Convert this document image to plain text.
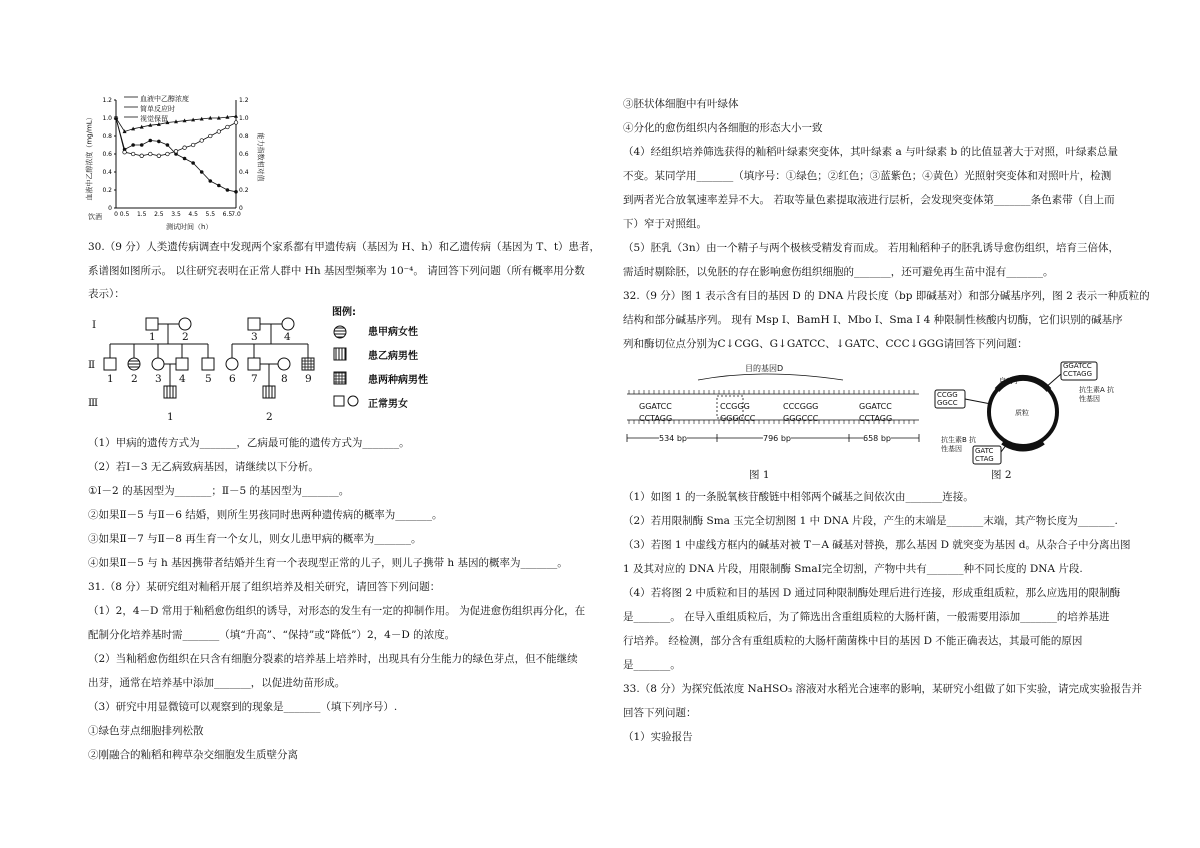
1.2	1.2
1.0	1.0
0.8	0.8
0.6	0.6
0.4	0.4
0.2	0.2
0	0
0 0.5 1.5 2.5 3.5 4.5 5.5 6.5 7.0
血液中乙醇浓度
简单反应时
视觉保留
测试时间（h）
饮酒
血液中乙醇浓度（mg/mL）	能力指数相对值
30.（9 分）人类遗传病调查中发现两个家系都有甲遗传病（基因为 H、h）和乙遗传病（基因为 T、t）患者，
系谱图如图所示。 以往研究表明在正常人群中 Hh 基因型频率为 10⁻⁴。 请回答下列问题（所有概率用分数
表示）：
Ⅰ
Ⅱ
Ⅲ
1	2	3	4
1 2 3 4 5 6 7 8 9
1	2
图例:
患甲病女性
患乙病男性
患两种病男性
正常男女
（1）甲病的遗传方式为_______，乙病最可能的遗传方式为_______。
（2）若Ⅰ－3 无乙病致病基因，请继续以下分析。
①Ⅰ－2 的基因型为_______；Ⅱ－5 的基因型为_______。
②如果Ⅱ－5 与Ⅱ－6 结婚，则所生男孩同时患两种遗传病的概率为_______。
③如果Ⅱ－7 与Ⅱ－8 再生育一个女儿，则女儿患甲病的概率为_______。
④如果Ⅱ－5 与 h 基因携带者结婚并生育一个表现型正常的儿子，则儿子携带 h 基因的概率为_______。
31.（8 分）某研究组对籼稻开展了组织培养及相关研究，请回答下列问题：
（1）2，4－D 常用于籼稻愈伤组织的诱导，对形态的发生有一定的抑制作用。 为促进愈伤组织再分化，在
配制分化培养基时需_______（填“升高”、“保持”或“降低”）2，4－D 的浓度。
（2）当籼稻愈伤组织在只含有细胞分裂素的培养基上培养时，出现具有分生能力的绿色芽点，但不能继续
出芽，通常在培养基中添加_______，以促进幼苗形成。
（3）研究中用显微镜可以观察到的现象是_______（填下列序号）.
①绿色芽点细胞排列松散
②刚融合的籼稻和稗草杂交细胞发生质壁分离
③胚状体细胞中有叶绿体
④分化的愈伤组织内各细胞的形态大小一致
（4）经组织培养筛选获得的籼稻叶绿素突变体，其叶绿素 a 与叶绿素 b 的比值显著大于对照，叶绿素总量
不变。某同学用_______（填序号：①绿色；②红色；③蓝紫色；④黄色）光照射突变体和对照叶片，检测
到两者光合放氧速率差异不大。 若取等量色素提取液进行层析，会发现突变体第_______条色素带（自上而
下）窄于对照组。
（5）胚乳（3n）由一个精子与两个极核受精发育而成。 若用籼稻种子的胚乳诱导愈伤组织，培育三倍体，
需适时剔除胚，以免胚的存在影响愈伤组织细胞的_______，还可避免再生苗中混有_______。
32.（9 分）图 1 表示含有目的基因 D 的 DNA 片段长度（bp 即碱基对）和部分碱基序列，图 2 表示一种质粒的
结构和部分碱基序列。 现有 Msp Ⅰ、BamH Ⅰ、Mbo Ⅰ、Sma Ⅰ 4 种限制性核酸内切酶，它们识别的碱基序
列和酶切位点分别为C↓CGG、G↓GATCC、↓GATC、CCC↓GGG请回答下列问题：
目的基因D
GGATCC	CCGGG	CCCGGG	GGATCC
CCTAGG	GGGCCC	GGGCCC	CCTAGG
534 bp	796 bp	658 bp
图 1
启动子
质粒
GGATCC CCTAGG
抗生素A 抗性基因
CCGG GGCC
抗生素B 抗性基因	GATC CTAG
图 2
（1）如图 1 的一条脱氧核苷酸链中相邻两个碱基之间依次由_______连接。
（2）若用限制酶 Sma 玉完全切割图 1 中 DNA 片段，产生的末端是_______末端，其产物长度为_______.
（3）若图 1 中虚线方框内的碱基对被 T－A 碱基对替换，那么基因 D 就突变为基因 d。从杂合子中分离出图
1 及其对应的 DNA 片段，用限制酶 SmaⅠ完全切割，产物中共有_______种不同长度的 DNA 片段.
（4）若将图 2 中质粒和目的基因 D 通过同种限制酶处理后进行连接，形成重组质粒，那么应选用的限制酶
是_______。 在导入重组质粒后，为了筛选出含重组质粒的大肠杆菌，一般需要用添加_______的培养基进
行培养。 经检测，部分含有重组质粒的大肠杆菌菌株中目的基因 D 不能正确表达，其最可能的原因
是_______。
33.（8 分）为探究低浓度 NaHSO₃ 溶液对水稻光合速率的影响，某研究小组做了如下实验，请完成实验报告并
回答下列问题：
（1）实验报告
